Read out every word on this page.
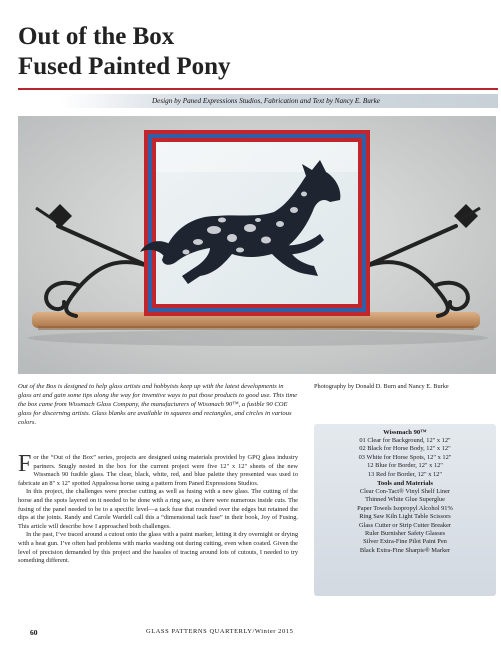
Out of the Box
Fused Painted Pony
Design by Paned Expressions Studios, Fabrication and Text by Nancy E. Burke
Out of the Box is designed to help glass artists and hobbyists keep up with the latest developments in glass art and gain some tips along the way for inventive ways to put those products to good use. This time the box came from Wissmach Glass Company, the manufacturers of Wissmach 90™, a fusible 90 COE glass for discerning artists. Glass blanks are available in squares and rectangles, and circles in various colors.
Photography by Donald D. Burn and Nancy E. Burke

For the “Out of the Box” series, projects are designed using materials provided by GPQ glass industry partners. Snugly nested in the box for the current project were five 12" x 12" sheets of the new Wissmach 90 fusible glass. The clear, black, white, red, and blue palette they presented was used to fabricate an 8" x 12" spotted Appaloosa horse using a pattern from Paned Expressions Studios.

In this project, the challenges were precise cutting as well as fusing with a new glass. The cutting of the horse and the spots layered on it needed to be done with a ring saw, as there were numerous inside cuts. The fusing of the panel needed to be to a specific level—a tack fuse that rounded over the edges but retained the dips at the joints. Randy and Carole Wardell call this a “dimensional tack fuse” in their book, Joy of Fusing. This article will describe how I approached both challenges.

In the past, I’ve traced around a cutout onto the glass with a paint marker, letting it dry overnight or drying with a heat gun. I’ve often had problems with marks washing out during cutting, even when coated. Given the level of precision demanded by this project and the hassles of tracing around lots of cutouts, I needed to try something different.

Wissmach 90™
01 Clear for Background, 12" x 12"
02 Black for Horse Body, 12" x 12"
03 White for Horse Spots, 12" x 12"
12 Blue for Border, 12" x 12"
13 Red for Border, 12" x 12"
Tools and Materials
Clear Con-Tact® Vinyl Shelf Liner
Thinned White Glue Superglue
Paper Towels Isopropyl Alcohol 91%
Ring Saw Kiln Light Table Scissors
Glass Cutter or Strip Cutter Breaker
Ruler Burnisher Safety Glasses
Silver Extra-Fine Pilot Paint Pen
Black Extra-Fine Sharpie® Marker
60	GLASS PATTERNS QUARTERLY/Winter 2015
